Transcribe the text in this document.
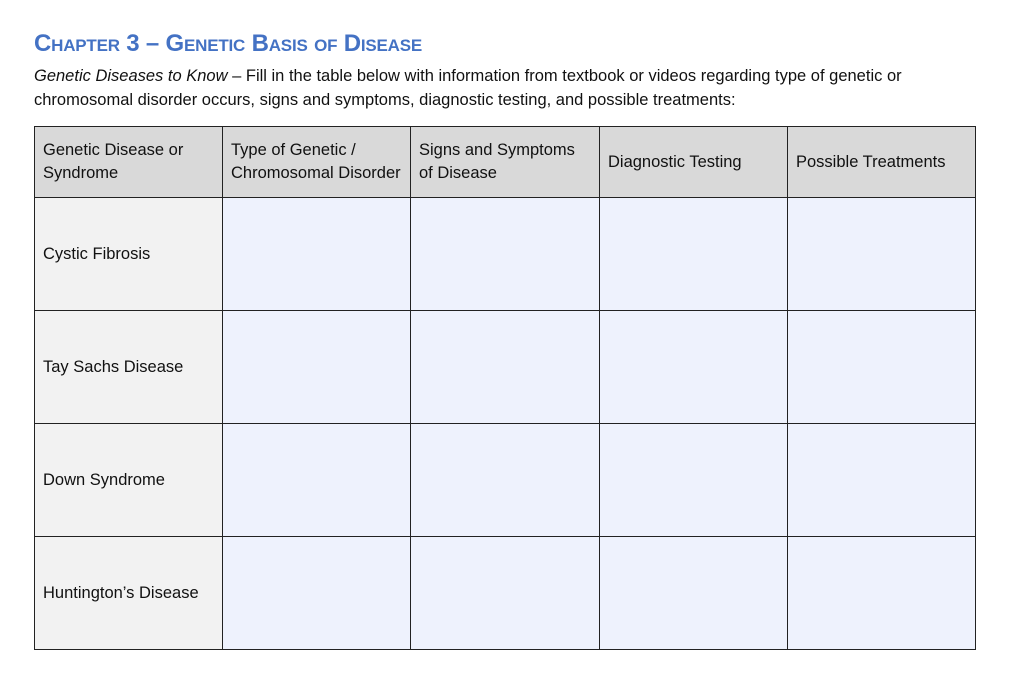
Chapter 3 – Genetic Basis of Disease

Genetic Diseases to Know – Fill in the table below with information from textbook or videos regarding type of genetic or chromosomal disorder occurs, signs and symptoms, diagnostic testing, and possible treatments:

Genetic Disease or Syndrome	Type of Genetic / Chromosomal Disorder	Signs and Symptoms of Disease	Diagnostic Testing	Possible Treatments
Cystic Fibrosis				
Tay Sachs Disease				
Down Syndrome				
Huntington’s Disease				
